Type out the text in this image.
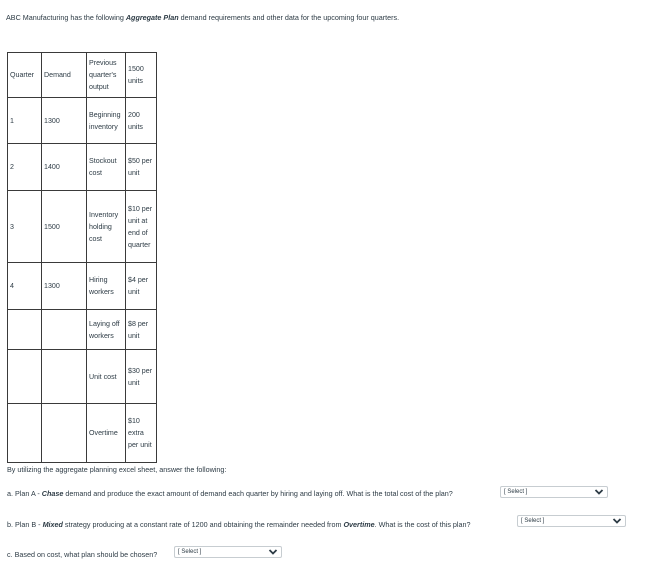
ABC Manufacturing has the following Aggregate Plan demand requirements and other data for the upcoming four quarters.
Quarter	Demand	Previous quarter's output	1500 units
1	1300	Beginning inventory	200 units
2	1400	Stockout cost	$50 per unit
3	1500	Inventory holding cost	$10 per unit at end of quarter
4	1300	Hiring workers	$4 per unit
		Laying off workers	$8 per unit
		Unit cost	$30 per unit
		Overtime	$10 extra per unit
By utilizing the aggregate planning excel sheet, answer the following:
a. Plan A - Chase demand and produce the exact amount of demand each quarter by hiring and laying off. What is the total cost of the plan?	[ Select ]
b. Plan B - Mixed strategy producing at a constant rate of 1200 and obtaining the remainder needed from Overtime. What is the cost of this plan?	[ Select ]
c. Based on cost, what plan should be chosen?	[ Select ]
